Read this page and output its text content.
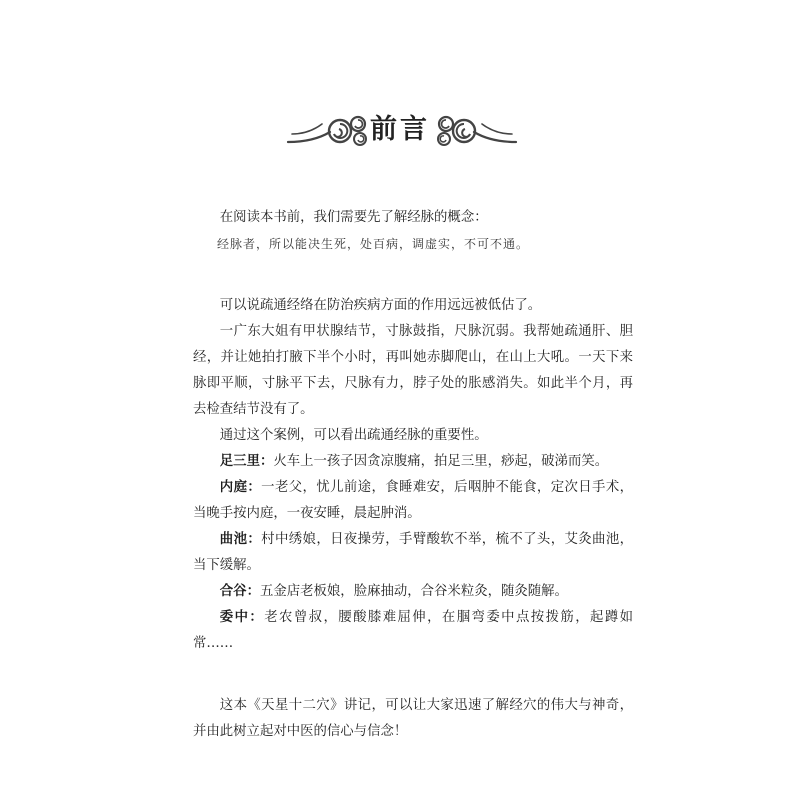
前言

在阅读本书前，我们需要先了解经脉的概念：

经脉者，所以能决生死，处百病，调虚实，不可不通。

可以说疏通经络在防治疾病方面的作用远远被低估了。

一广东大姐有甲状腺结节，寸脉鼓指，尺脉沉弱。我帮她疏通肝、胆经，并让她拍打腋下半个小时，再叫她赤脚爬山，在山上大吼。一天下来脉即平顺，寸脉平下去，尺脉有力，脖子处的胀感消失。如此半个月，再去检查结节没有了。

通过这个案例，可以看出疏通经脉的重要性。

足三里：火车上一孩子因贪凉腹痛，拍足三里，痧起，破涕而笑。

内庭：一老父，忧儿前途，食睡难安，后咽肿不能食，定次日手术，当晚手按内庭，一夜安睡，晨起肿消。

曲池：村中绣娘，日夜操劳，手臂酸软不举，梳不了头，艾灸曲池，当下缓解。

合谷：五金店老板娘，脸麻抽动，合谷米粒灸，随灸随解。

委中：老农曾叔，腰酸膝难屈伸，在腘弯委中点按拨筋，起蹲如常……

这本《天星十二穴》讲记，可以让大家迅速了解经穴的伟大与神奇，并由此树立起对中医的信心与信念！
